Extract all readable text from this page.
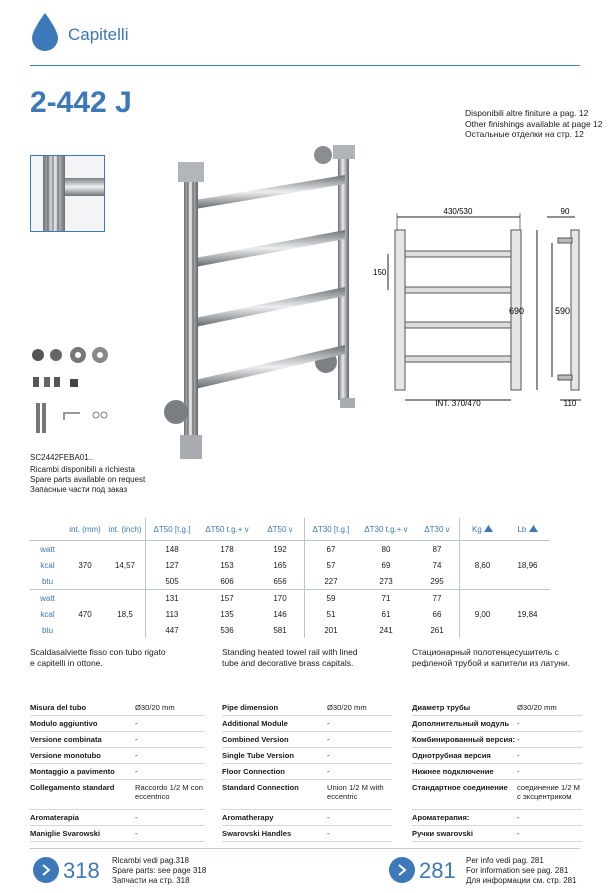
Capitelli
2-442 J	Disponibili altre finiture a pag. 12
Other finishings available at page 12
Остальные отделки на стр. 12
430/530
150
INT. 370/470
90
690	590
110
SC2442FEBA01..
Ricambi disponibili a richiesta
Spare parts available on request
Запасные части под заказ
	int. (mm)	int. (inch)	ΔT50 [t.g.]	ΔT50 t.g.+ v	ΔT50 v	ΔT30 [t.g.]	ΔT30 t.g.+ v	ΔT30 v	Kg	Lb
watt	370	14,57	148	178	192	67	80	87	8,60	18,96
kcal			127	153	165	57	69	74		
btu			505	606	656	227	273	295		
watt	470	18,5	131	157	170	59	71	77	9,00	19,84
kcal			113	135	146	51	61	66		
btu			447	536	581	201	241	261		
Scaldasalviette fisso con tubo rigato e capitelli in ottone.
Standing heated towel rail with lined tube and decorative brass capitals.
Стационарный полотенцесушитель с рефленой трубой и капители из латуни.
Misura del tubo	Ø30/20 mm
Modulo aggiuntivo	-
Versione combinata	-
Versione monotubo	-
Montaggio a pavimento	-
Collegamento standard	Raccordo 1/2 M con eccentrico
Aromaterapia	-
Maniglie Svarowski	-
Pipe dimension	Ø30/20 mm
Additional Module	-
Combined Version	-
Single Tube Version	-
Floor Connection	-
Standard Connection	Union 1/2 M with eccentric
Aromatherapy	-
Swarovski Handles	-
Диаметр трубы	Ø30/20 mm
Дополнительный модуль	-
Комбинированный версия: -
Однотрубная версия	-
Нижнее подключение	-
Стандартное соединение	соединение 1/2 M с эксцентриком
Ароматерапия:	-
Ручки swarovski	-
318 Ricambi vedi pag.318
Spare parts: see page 318
Запчасти на стр. 318	281 Per info vedi pag. 281
For information see pag. 281
Для информации см. стр. 281
